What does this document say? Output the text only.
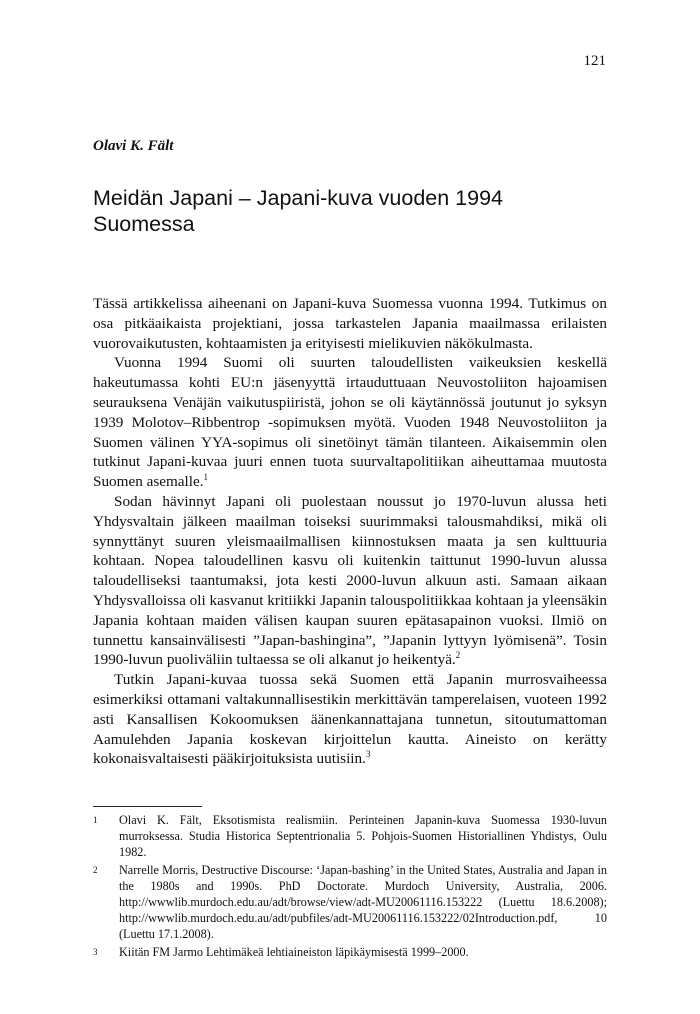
121
Olavi K. Fält
Meidän Japani – Japani-kuva vuoden 1994
Suomessa

Tässä artikkelissa aiheenani on Japani-kuva Suomessa vuonna 1994. Tutkimus on osa pitkäaikaista projektiani, jossa tarkastelen Japania maailmassa erilaisten vuorovaikutusten, kohtaamisten ja erityisesti mielikuvien näkökulmasta.

Vuonna 1994 Suomi oli suurten taloudellisten vaikeuksien keskellä hakeutumassa kohti EU:n jäsenyyttä irtauduttuaan Neuvostoliiton hajoamisen seurauksena Venäjän vaikutuspiiristä, johon se oli käytännössä joutunut jo syksyn 1939 Molotov–Ribbentrop -sopimuksen myötä. Vuoden 1948 Neuvostoliiton ja Suomen välinen YYA-sopimus oli sinetöinyt tämän tilanteen. Aikaisemmin olen tutkinut Japani-kuvaa juuri ennen tuota suurvaltapolitiikan aiheuttamaa muutosta Suomen asemalle.$^1$

Sodan hävinnyt Japani oli puolestaan noussut jo 1970-luvun alussa heti Yhdysvaltain jälkeen maailman toiseksi suurimmaksi talousmahdiksi, mikä oli synnyttänyt suuren yleismaailmallisen kiinnostuksen maata ja sen kulttuuria kohtaan. Nopea taloudellinen kasvu oli kuitenkin taittunut 1990-luvun alussa taloudelliseksi taantumaksi, jota kesti 2000-luvun alkuun asti. Samaan aikaan Yhdysvalloissa oli kasvanut kritiikki Japanin talouspolitiikkaa kohtaan ja yleensäkin Japania kohtaan maiden välisen kaupan suuren epätasapainon vuoksi. Ilmiö on tunnettu kansainvälisesti ”Japan-bashingina”, ”Japanin lyttyyn lyömisenä”. Tosin 1990-luvun puoliväliin tultaessa se oli alkanut jo heikentyä.$^2$

Tutkin Japani-kuvaa tuossa sekä Suomen että Japanin murrosvaiheessa esimerkiksi ottamani valtakunnallisestikin merkittävän tamperelaisen, vuoteen 1992 asti Kansallisen Kokoomuksen äänenkannattajana tunnetun, sitoutumattoman Aamulehden Japania koskevan kirjoittelun kautta. Aineisto on kerätty kokonaisvaltaisesti pääkirjoituksista uutisiin.$^3$

1	Olavi K. Fält, Eksotismista realismiin. Perinteinen Japanin-kuva Suomessa 1930-luvun murroksessa. Studia Historica Septentrionalia 5. Pohjois-Suomen Historiallinen Yhdistys, Oulu 1982.
2	Narrelle Morris, Destructive Discourse: ‘Japan-bashing’ in the United States, Australia and Japan in the 1980s and 1990s. PhD Doctorate. Murdoch University, Australia, 2006. http://wwwlib.murdoch.edu.au/adt/browse/view/adt-MU20061116.153222 (Luettu 18.6.2008); http://wwwlib.murdoch.edu.au/adt/pubfiles/adt-MU20061116.153222/02Introduction.pdf, 10 (Luettu 17.1.2008).
3	Kiitän FM Jarmo Lehtimäkeä lehtiaineiston läpikäymisestä 1999–2000.
